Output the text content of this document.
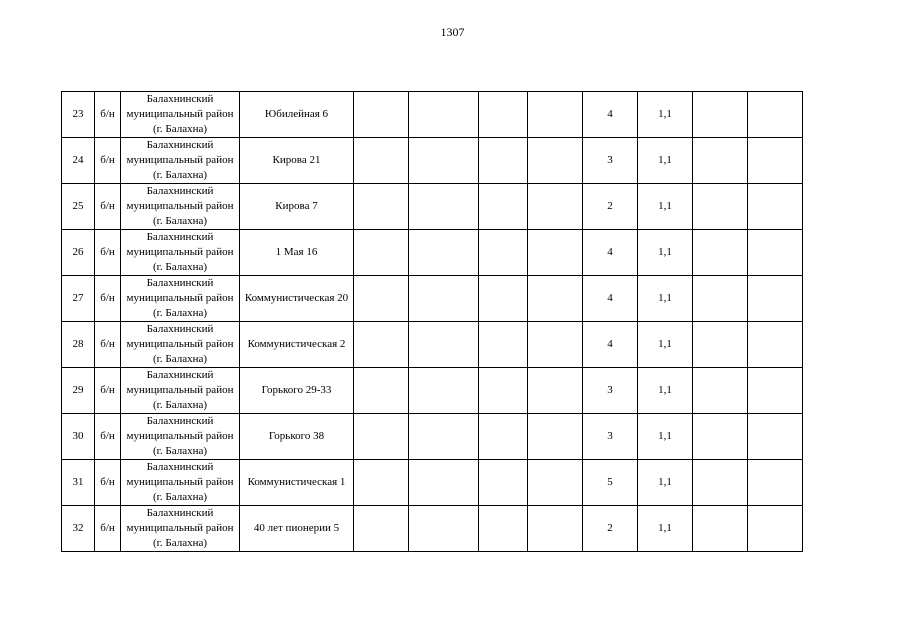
1307
23	б/н	Балахнинский
муниципальный район
(г. Балахна)	Юбилейная 6					4	1,1		
24	б/н	Балахнинский
муниципальный район
(г. Балахна)	Кирова 21					3	1,1		
25	б/н	Балахнинский
муниципальный район
(г. Балахна)	Кирова 7					2	1,1		
26	б/н	Балахнинский
муниципальный район
(г. Балахна)	1 Мая 16					4	1,1		
27	б/н	Балахнинский
муниципальный район
(г. Балахна)	Коммунистическая 20					4	1,1		
28	б/н	Балахнинский
муниципальный район
(г. Балахна)	Коммунистическая 2					4	1,1		
29	б/н	Балахнинский
муниципальный район
(г. Балахна)	Горького 29-33					3	1,1		
30	б/н	Балахнинский
муниципальный район
(г. Балахна)	Горького 38					3	1,1		
31	б/н	Балахнинский
муниципальный район
(г. Балахна)	Коммунистическая 1					5	1,1		
32	б/н	Балахнинский
муниципальный район
(г. Балахна)	40 лет пионерии 5					2	1,1		
